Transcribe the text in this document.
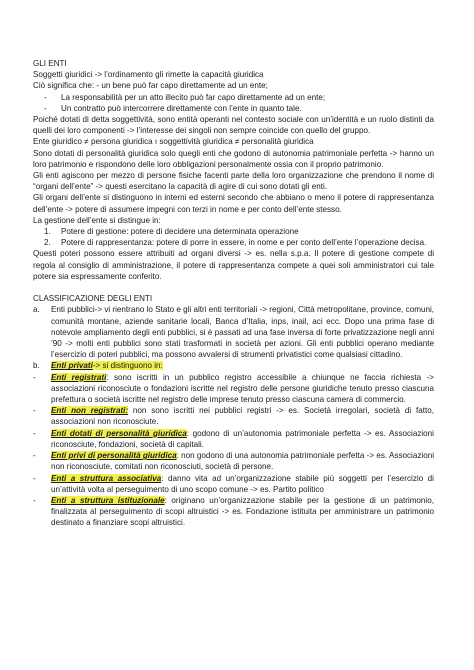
GLI ENTI
Soggetti giuridici -> l’ordinamento gli rimette la capacità giuridica
Ciò significa che: - un bene può far capo direttamente ad un ente;
-	La responsabilità per un atto illecito può far capo direttamente ad un ente;
-	Un contratto può intercorrere direttamente con l’ente in quanto tale.

Poiché dotati di detta soggettività, sono entità operanti nel contesto sociale con un’identità e un ruolo distinti da quelli dei loro componenti -> l’interesse dei singoli non sempre coincide con quello del gruppo.

Ente giuridico ≠ persona giuridica ı soggettività giuridica ≠ personalità giuridica

Sono dotati di personalità giuridica solo quegli enti che godono di autonomia patrimoniale perfetta -> hanno un loro patrimonio e rispondono delle loro obbligazioni personalmente ossia con il proprio patrimonio.

Gli enti agiscono per mezzo di persone fisiche facenti parte della loro organizzazione che prendono il nome di “organi dell’ente” -> questi esercitano la capacità di agire di cui sono dotati gli enti.

Gli organi dell’ente si distinguono in interni ed esterni secondo che abbiano o meno il potere di rappresentanza dell’ente -> potere di assumere impegni con terzi in nome e per conto dell’ente stesso.

La gestione dell’ente si distingue in:

1.	Potere di gestione: potere di decidere una determinata operazione
2.	Potere di rappresentanza: potere di porre in essere, in nome e per conto dell’ente l’operazione decisa.

Questi poteri possono essere attribuiti ad organi diversi -> es. nella s.p.a. Il potere di gestione compete di regola al consiglio di amministrazione, il potere di rappresentanza compete a quei soli amministratori cui tale potere sia espressamente conferito.

CLASSIFICAZIONE DEGLI ENTI
a.	Enti pubblici-> vi rientrano lo Stato e gli altri enti territoriali -> regioni, Città metropolitane, province, comuni, comunità montane, aziende sanitarie locali, Banca d’Italia, inps, inail, aci ecc. Dopo una prima fase di notevole ampliamento degli enti pubblici, si è passati ad una fase inversa di forte privatizzazione negli anni ’90 -> molti enti pubblici sono stati trasformati in società per azioni. Gli enti pubblici operano mediante l’esercizio di poteri pubblici, ma possono avvalersi di strumenti privatistici come qualsiasi cittadino.
b.	Enti privati-> si distinguono in:
-	Enti registrati: sono iscritti in un pubblico registro accessibile a chiunque ne faccia richiesta -> associazioni riconosciute o fondazioni iscritte nel registro delle persone giuridiche tenuto presso ciascuna prefettura o società iscritte nel registro delle imprese tenuto presso ciascuna camera di commercio.
-	Enti non registrati: non sono iscritti nei pubblici registri -> es. Società irregolari, società di fatto, associazioni non riconosciute.
-	Enti dotati di personalità giuridica: godono di un’autonomia patrimoniale perfetta -> es. Associazioni riconosciute, fondazioni, società di capitali.
-	Enti privi di personalità giuridica: non godono di una autonomia patrimoniale perfetta -> es. Associazioni non riconosciute, comitati non riconosciuti, società di persone.
-	Enti a struttura associativa: danno vita ad un’organizzazione stabile più soggetti per l’esercizio di un’attività volta al perseguimento di uno scopo comune -> es. Partito politico
-	Enti a struttura istituzionale: originano un’organizzazione stabile per la gestione di un patrimonio, finalizzata al perseguimento di scopi altruistici -> es. Fondazione istituita per amministrare un patrimonio destinato a finanziare scopi altruistici.
